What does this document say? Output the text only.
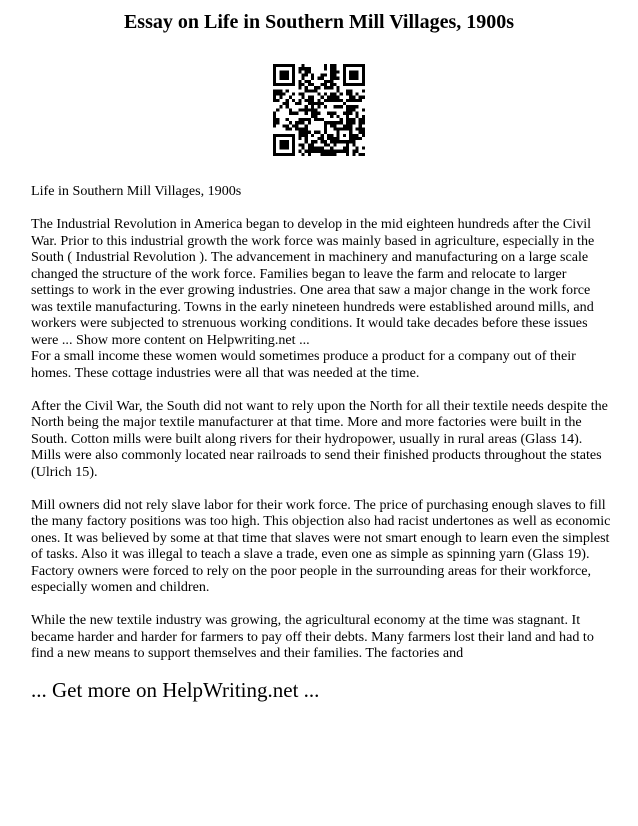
Essay on Life in Southern Mill Villages, 1900s

Life in Southern Mill Villages, 1900s

The Industrial Revolution in America began to develop in the mid eighteen hundreds after the Civil War. Prior to this industrial growth the work force was mainly based in agriculture, especially in the South ( Industrial Revolution ). The advancement in machinery and manufacturing on a large scale changed the structure of the work force. Families began to leave the farm and relocate to larger settings to work in the ever growing industries. One area that saw a major change in the work force was textile manufacturing. Towns in the early nineteen hundreds were established around mills, and workers were subjected to strenuous working conditions. It would take decades before these issues were ... Show more content on Helpwriting.net ...

For a small income these women would sometimes produce a product for a company out of their homes. These cottage industries were all that was needed at the time.

After the Civil War, the South did not want to rely upon the North for all their textile needs despite the North being the major textile manufacturer at that time. More and more factories were built in the South. Cotton mills were built along rivers for their hydropower, usually in rural areas (Glass 14). Mills were also commonly located near railroads to send their finished products throughout the states (Ulrich 15).

Mill owners did not rely slave labor for their work force. The price of purchasing enough slaves to fill the many factory positions was too high. This objection also had racist undertones as well as economic ones. It was believed by some at that time that slaves were not smart enough to learn even the simplest of tasks. Also it was illegal to teach a slave a trade, even one as simple as spinning yarn (Glass 19). Factory owners were forced to rely on the poor people in the surrounding areas for their workforce, especially women and children.

While the new textile industry was growing, the agricultural economy at the time was stagnant. It became harder and harder for farmers to pay off their debts. Many farmers lost their land and had to find a new means to support themselves and their families. The factories and

... Get more on HelpWriting.net ...
